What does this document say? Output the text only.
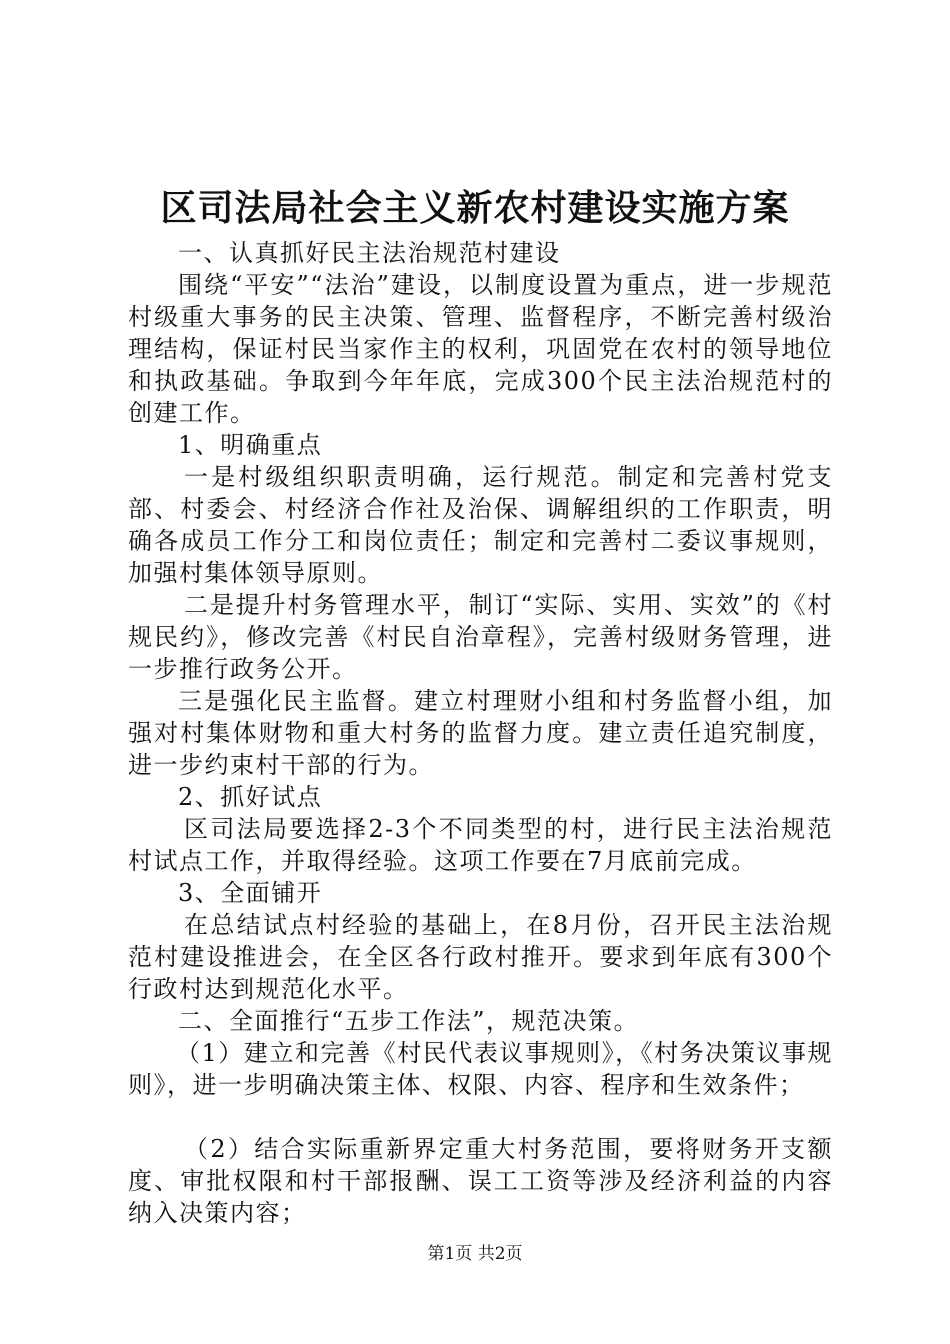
区司法局社会主义新农村建设实施方案

一、认真抓好民主法治规范村建设

围绕“平安”“法治”建设，以制度设置为重点，进一步规范村级重大事务的民主决策、管理、监督程序，不断完善村级治理结构，保证村民当家作主的权利，巩固党在农村的领导地位和执政基础。争取到今年年底，完成300个民主法治规范村的创建工作。

1、明确重点

一是村级组织职责明确，运行规范。制定和完善村党支部、村委会、村经济合作社及治保、调解组织的工作职责，明确各成员工作分工和岗位责任；制定和完善村二委议事规则，加强村集体领导原则。

二是提升村务管理水平，制订“实际、实用、实效”的《村规民约》，修改完善《村民自治章程》，完善村级财务管理，进一步推行政务公开。

三是强化民主监督。建立村理财小组和村务监督小组，加强对村集体财物和重大村务的监督力度。建立责任追究制度，进一步约束村干部的行为。

2、抓好试点

区司法局要选择2-3个不同类型的村，进行民主法治规范村试点工作，并取得经验。这项工作要在7月底前完成。

3、全面铺开

在总结试点村经验的基础上，在8月份，召开民主法治规范村建设推进会，在全区各行政村推开。要求到年底有300个行政村达到规范化水平。

二、全面推行“五步工作法”，规范决策。

（1）建立和完善《村民代表议事规则》，《村务决策议事规则》，进一步明确决策主体、权限、内容、程序和生效条件；

（2）结合实际重新界定重大村务范围，要将财务开支额度、审批权限和村干部报酬、误工工资等涉及经济利益的内容纳入决策内容；

第1页 共2页
